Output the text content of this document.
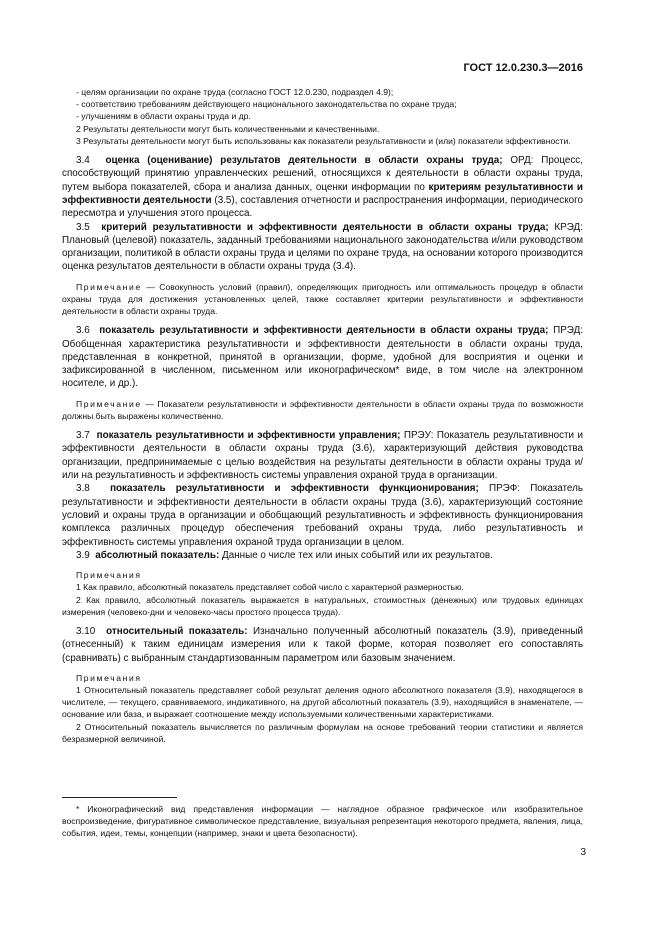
ГОСТ 12.0.230.3—2016

- целям организации по охране труда (согласно ГОСТ 12.0.230, подраздел 4.9);

- соответствию требованиям действующего национального законодательства по охране труда;

- улучшениям в области охраны труда и др.

2 Результаты деятельности могут быть количественными и качественными.

3 Результаты деятельности могут быть использованы как показатели результативности и (или) показатели эффективности.

3.4 оценка (оценивание) результатов деятельности в области охраны труда; ОРД: Процесс, способствующий принятию управленческих решений, относящихся к деятельности в области охраны труда, путем выбора показателей, сбора и анализа данных, оценки информации по критериям результативности и эффективности деятельности (3.5), составления отчетности и распространения информации, периодического пересмотра и улучшения этого процесса.

3.5 критерий результативности и эффективности деятельности в области охраны труда; КРЭД: Плановый (целевой) показатель, заданный требованиями национального законодательства и/или руководством организации, политикой в области охраны труда и целями по охране труда, на основании которого производится оценка результатов деятельности в области охраны труда (3.4).

Примечание — Совокупность условий (правил), определяющих пригодность или оптимальность процедур в области охраны труда для достижения установленных целей, также составляет критерии результативности и эффективности деятельности в области охраны труда.

3.6 показатель результативности и эффективности деятельности в области охраны труда; ПРЭД: Обобщенная характеристика результативности и эффективности деятельности в области охраны труда, представленная в конкретной, принятой в организации, форме, удобной для восприятия и оценки и зафиксированной в численном, письменном или иконографическом* виде, в том числе на электронном носителе, и др.).

Примечание — Показатели результативности и эффективности деятельности в области охраны труда по возможности должны быть выражены количественно.

3.7 показатель результативности и эффективности управления; ПРЭУ: Показатель результативности и эффективности деятельности в области охраны труда (3.6), характеризующий действия руководства организации, предпринимаемые с целью воздействия на результаты деятельности в области охраны труда и/или на результативность и эффективность системы управления охраной труда в организации.

3.8 показатель результативности и эффективности функционирования; ПРЭФ: Показатель результативности и эффективности деятельности в области охраны труда (3.6), характеризующий состояние условий и охраны труда в организации и обобщающий результативность и эффективность функционирования комплекса различных процедур обеспечения требований охраны труда, либо результативность и эффективность системы управления охраной труда организации в целом.

3.9 абсолютный показатель: Данные о числе тех или иных событий или их результатов.

Примечания

1 Как правило, абсолютный показатель представляет собой число с характерной размерностью.

2 Как правило, абсолютный показатель выражается в натуральных, стоимостных (денежных) или трудовых единицах измерения (человеко-дни и человеко-часы простого процесса труда).

3.10 относительный показатель: Изначально полученный абсолютный показатель (3.9), приведенный (отнесенный) к таким единицам измерения или к такой форме, которая позволяет его сопоставлять (сравнивать) с выбранным стандартизованным параметром или базовым значением.

Примечания

1 Относительный показатель представляет собой результат деления одного абсолютного показателя (3.9), находящегося в числителе, — текущего, сравниваемого, индикативного, на другой абсолютный показатель (3.9), находящийся в знаменателе, — основание или база, и выражает соотношение между используемыми количественными характеристиками.

2 Относительный показатель вычисляется по различным формулам на основе требований теории статистики и является безразмерной величиной.

* Иконографический вид представления информации — наглядное образное графическое или изобразительное воспроизведение, фигуративное символическое представление, визуальная репрезентация некоторого предмета, явления, лица, события, идеи, темы, концепции (например, знаки и цвета безопасности).

3
